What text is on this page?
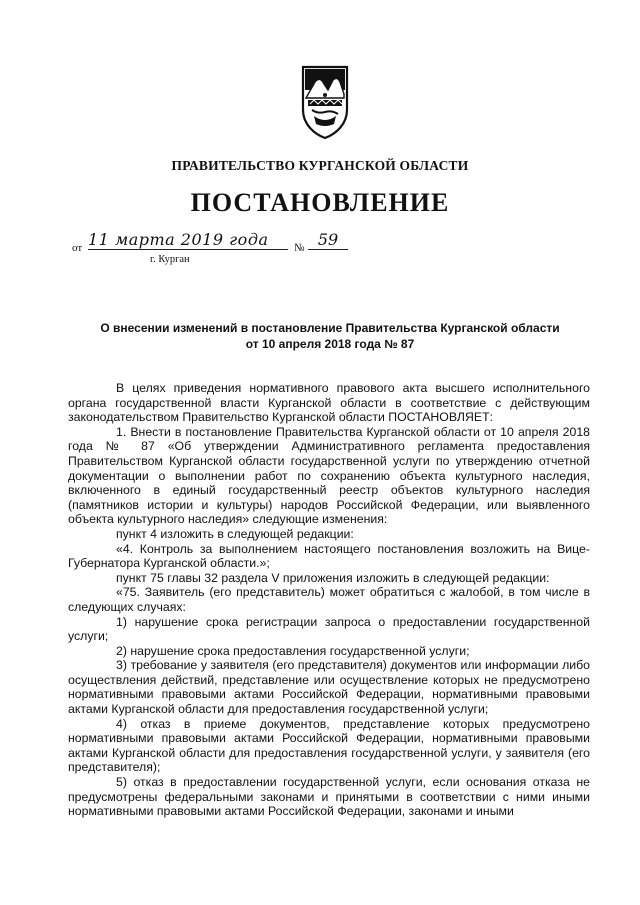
ПРАВИТЕЛЬСТВО КУРГАНСКОЙ ОБЛАСТИ
ПОСТАНОВЛЕНИЕ
от 11 марта 2019 года	№ 59
г. Курган
О внесении изменений в постановление Правительства Курганской области
от 10 апреля 2018 года № 87

В целях приведения нормативного правового акта высшего исполнительного органа государственной власти Курганской области в соответствие с действующим законодательством Правительство Курганской области ПОСТАНОВЛЯЕТ:

1. Внести в постановление Правительства Курганской области от 10 апреля 2018 года № 87 «Об утверждении Административного регламента предоставления Правительством Курганской области государственной услуги по утверждению отчетной документации о выполнении работ по сохранению объекта культурного наследия, включенного в единый государственный реестр объектов культурного наследия (памятников истории и культуры) народов Российской Федерации, или выявленного объекта культурного наследия» следующие изменения:

пункт 4 изложить в следующей редакции:

«4. Контроль за выполнением настоящего постановления возложить на Вице-Губернатора Курганской области.»;

пункт 75 главы 32 раздела V приложения изложить в следующей редакции:

«75. Заявитель (его представитель) может обратиться с жалобой, в том числе в следующих случаях:

1) нарушение срока регистрации запроса о предоставлении государственной услуги;

2) нарушение срока предоставления государственной услуги;

3) требование у заявителя (его представителя) документов или информации либо осуществления действий, представление или осуществление которых не предусмотрено нормативными правовыми актами Российской Федерации, нормативными правовыми актами Курганской области для предоставления государственной услуги;

4) отказ в приеме документов, представление которых предусмотрено нормативными правовыми актами Российской Федерации, нормативными правовыми актами Курганской области для предоставления государственной услуги, у заявителя (его представителя);

5) отказ в предоставлении государственной услуги, если основания отказа не предусмотрены федеральными законами и принятыми в соответствии с ними иными нормативными правовыми актами Российской Федерации, законами и иными
